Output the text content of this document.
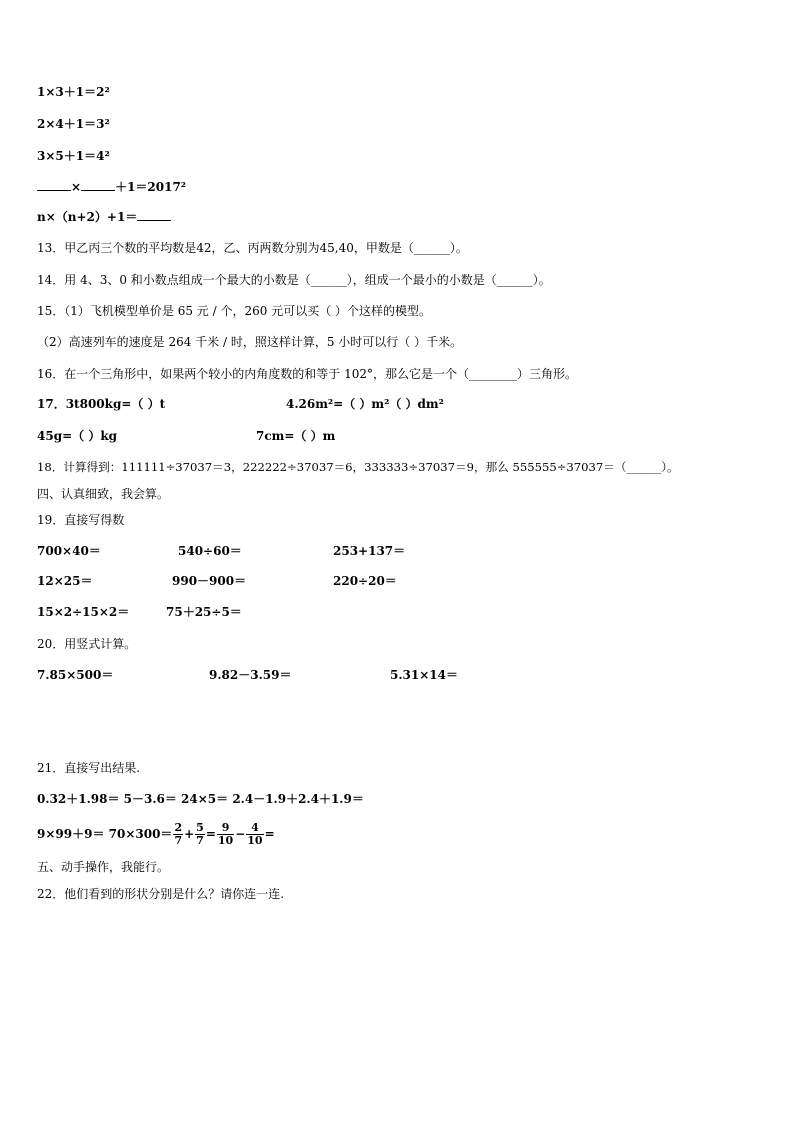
1×3＋1＝2²
2×4＋1＝3²
3×5＋1＝4²
×	＋1＝2017²
n×（n+2）+1＝
13．甲乙丙三个数的平均数是42，乙、丙两数分别为45,40，甲数是（______）。
14．用 4、3、0 和小数点组成一个最大的小数是（______），组成一个最小的小数是（______）。
15．（1）飞机模型单价是 65 元 / 个，260 元可以买（ ）个这样的模型。
（2）高速列车的速度是 264 千米 / 时，照这样计算，5 小时可以行（ ）千米。
16．在一个三角形中，如果两个较小的内角度数的和等于 102°，那么它是一个（________）三角形。
17．3t800kg=（ ）t	4.26m²=（ ）m²（ ）dm²
45g=（ ）kg	7cm=（ ）m
18．计算得到：111111÷37037＝3，222222÷37037＝6，333333÷37037＝9，那么 555555÷37037＝（______）。
四、认真细致，我会算。
19．直接写得数
700×40＝	540÷60＝	253+137＝
12×25＝	990－900＝	220÷20＝
15×2÷15×2＝	75＋25÷5＝
20．用竖式计算。
7.85×500＝	9.82－3.59＝	5.31×14＝
21．直接写出结果.
0.32＋1.98＝ 5－3.6＝ 24×5＝ 2.4－1.9＋2.4＋1.9＝
$9\times 99+9= 70\times 300= \frac{2}{7} + \frac{5}{7} = \frac{9}{10} - \frac{4}{10}$ =
五、动手操作，我能行。
22．他们看到的形状分别是什么？请你连一连.
